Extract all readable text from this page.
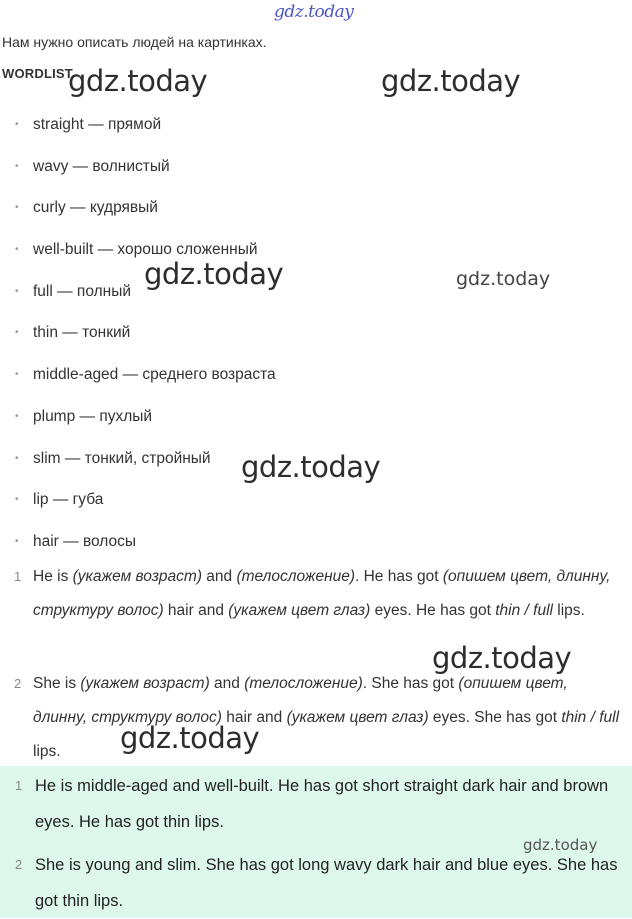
gdz.today
Нам нужно описать людей на картинках.
WORDLIST
• straight — прямой
• wavy — волнистый
• curly — кудрявый
• well-built — хорошо сложенный
• full — полный
• thin — тонкий
• middle-aged — среднего возраста
• plump — пухлый
• slim — тонкий, стройный
• lip — губа
• hair — волосы
1 He is (укажем возраст) and (телосложение). He has got (опишем цвет, длинну, структуру волос) hair and (укажем цвет глаз) eyes. He has got thin / full lips.
2 She is (укажем возраст) and (телосложение). She has got (опишем цвет, длинну, структуру волос) hair and (укажем цвет глаз) eyes. She has got thin / full lips.
1 He is middle-aged and well-built. He has got short straight dark hair and brown eyes. He has got thin lips.
2 She is young and slim. She has got long wavy dark hair and blue eyes. She has got thin lips.
gdz.today	gdz.today
gdz.today	gdz.today
gdz.today
gdz.today
gdz.today
gdz.today
